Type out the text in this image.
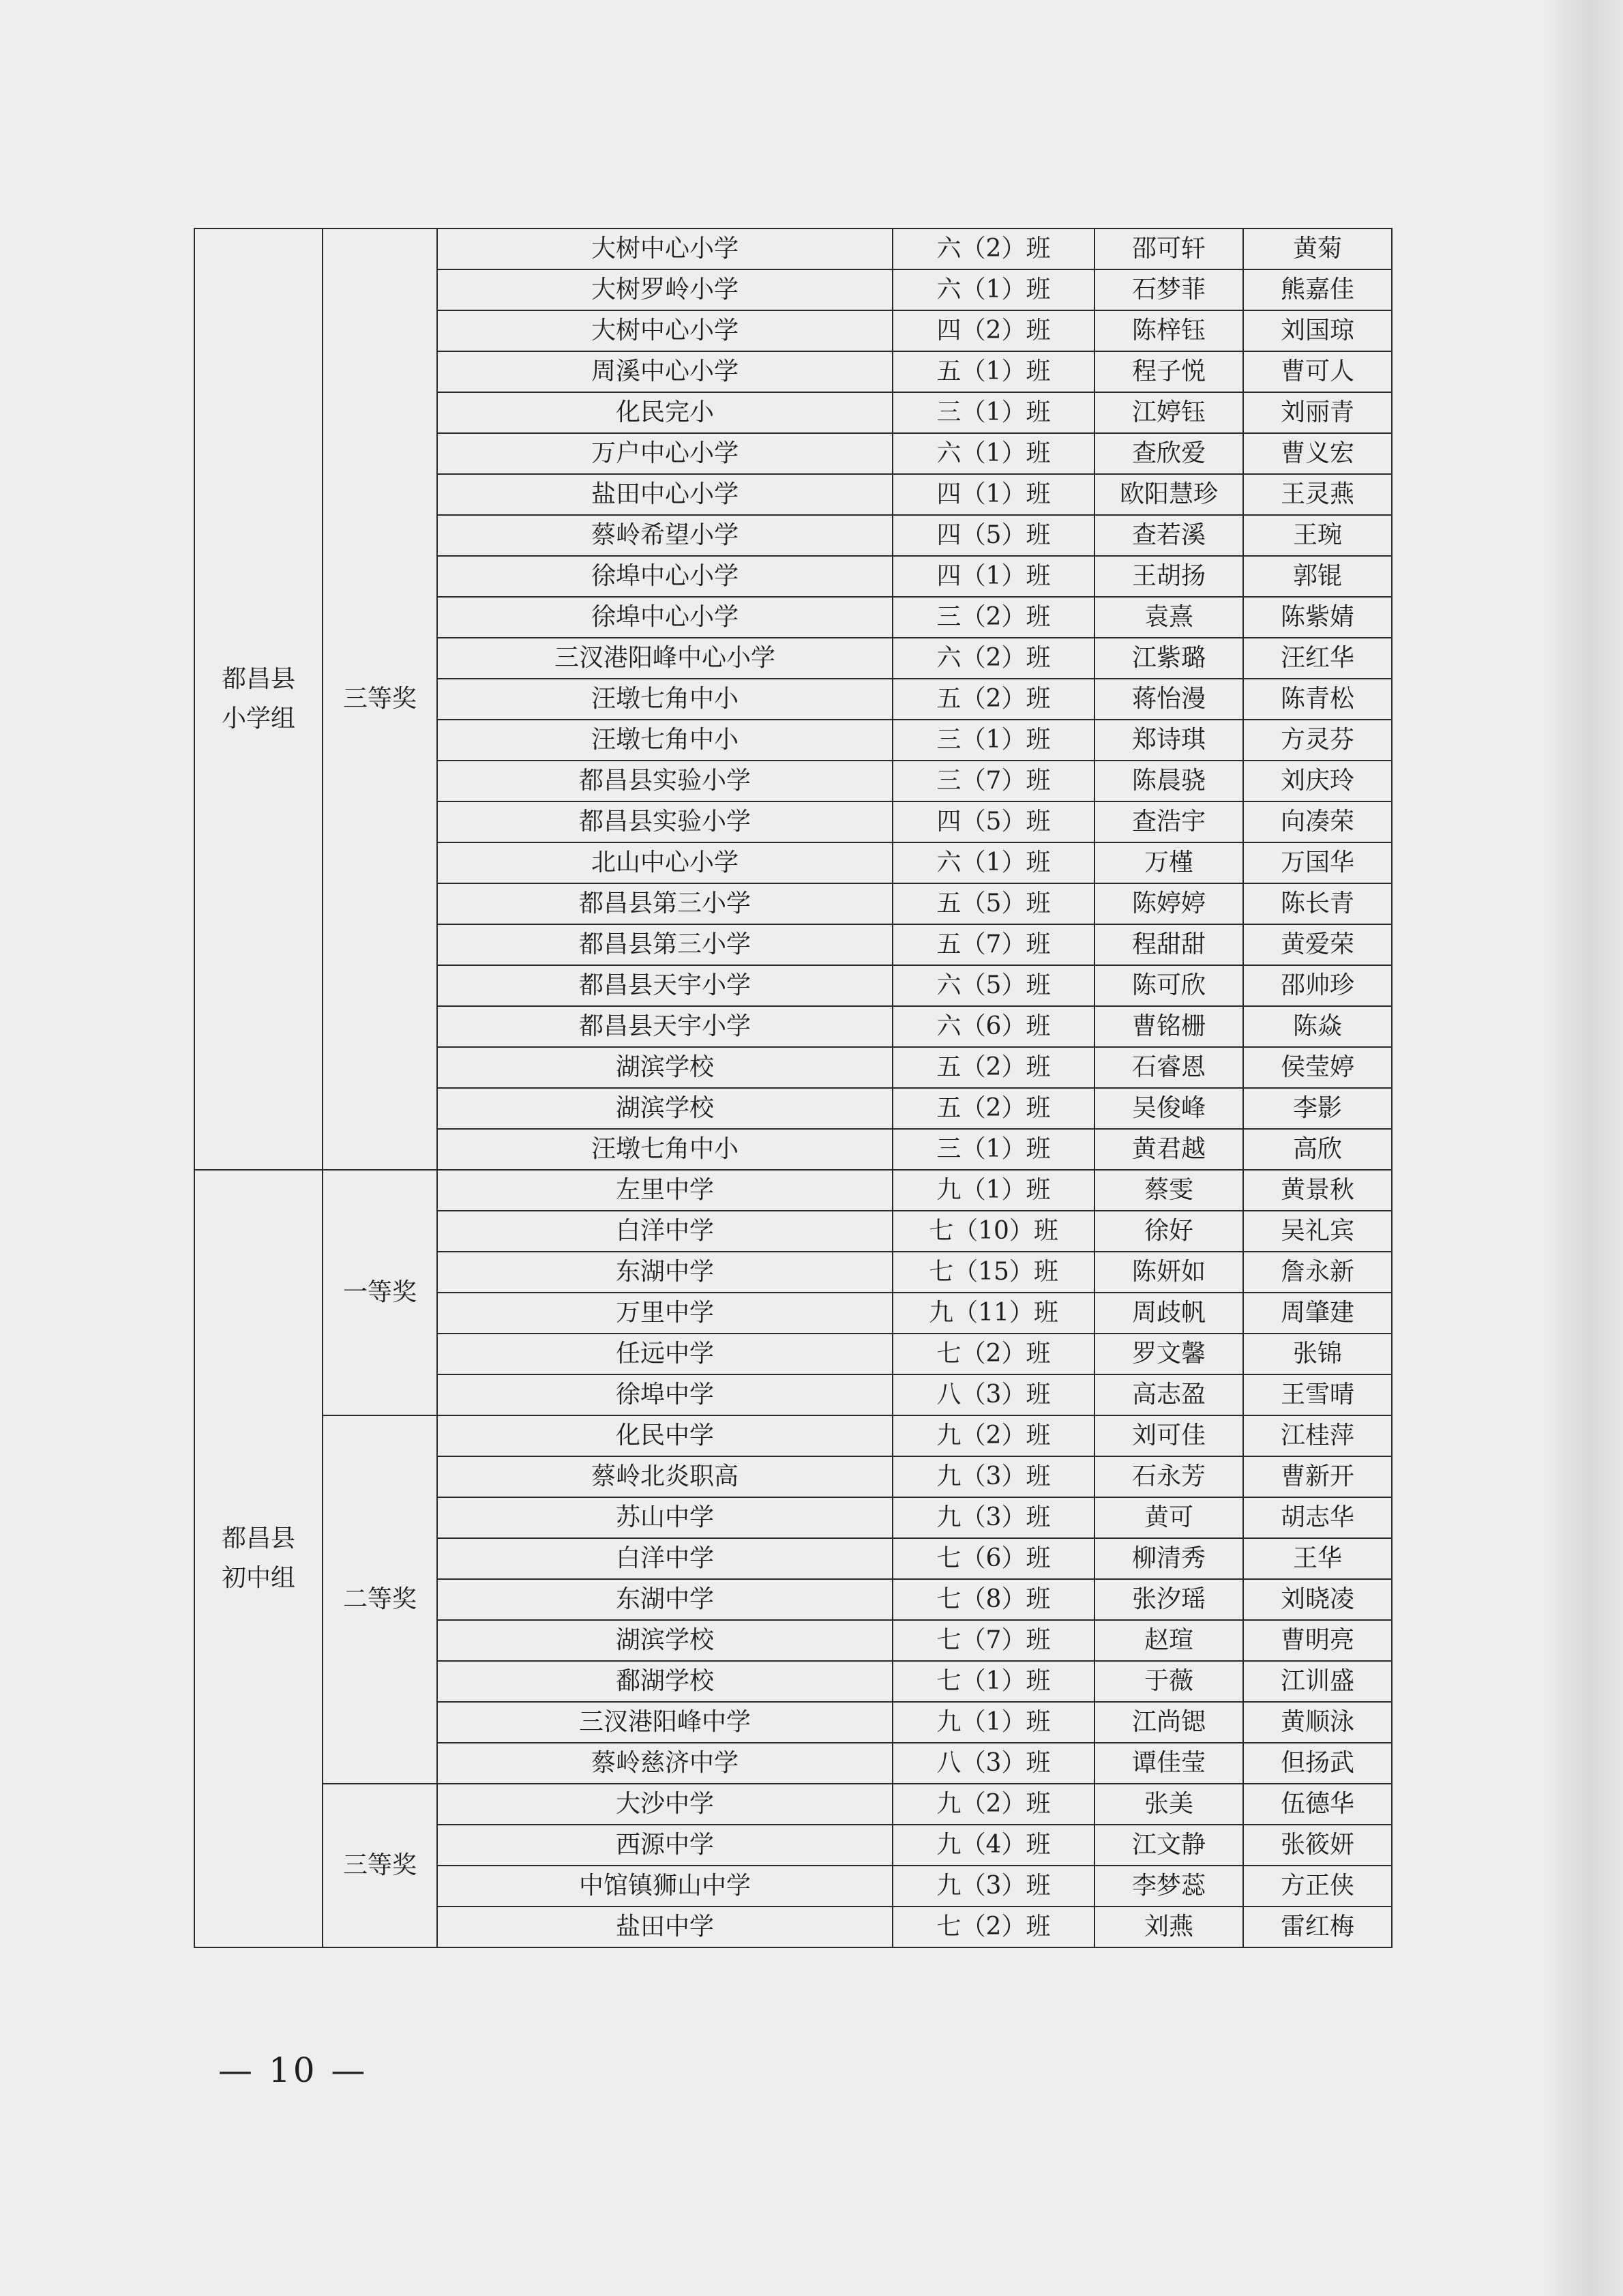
都昌县
小学组	三等奖	大树中心小学	六（2）班	邵可轩	黄菊
		大树罗岭小学	六（1）班	石梦菲	熊嘉佳
		大树中心小学	四（2）班	陈梓钰	刘国琼
		周溪中心小学	五（1）班	程子悦	曹可人
		化民完小	三（1）班	江婷钰	刘丽青
		万户中心小学	六（1）班	查欣爱	曹义宏
		盐田中心小学	四（1）班	欧阳慧珍	王灵燕
		蔡岭希望小学	四（5）班	查若溪	王琬
		徐埠中心小学	四（1）班	王胡扬	郭锟
		徐埠中心小学	三（2）班	袁熹	陈紫婧
		三汊港阳峰中心小学	六（2）班	江紫璐	汪红华
		汪墩七角中小	五（2）班	蒋怡漫	陈青松
		汪墩七角中小	三（1）班	郑诗琪	方灵芬
		都昌县实验小学	三（7）班	陈晨骁	刘庆玲
		都昌县实验小学	四（5）班	查浩宇	向凑荣
		北山中心小学	六（1）班	万槿	万国华
		都昌县第三小学	五（5）班	陈婷婷	陈长青
		都昌县第三小学	五（7）班	程甜甜	黄爱荣
		都昌县天宇小学	六（5）班	陈可欣	邵帅珍
		都昌县天宇小学	六（6）班	曹铭栅	陈焱
		湖滨学校	五（2）班	石睿恩	侯莹婷
		湖滨学校	五（2）班	吴俊峰	李影
		汪墩七角中小	三（1）班	黄君越	高欣

都昌县
初中组	一等奖	左里中学	九（1）班	蔡雯	黄景秋
		白洋中学	七（10）班	徐好	吴礼宾
		东湖中学	七（15）班	陈妍如	詹永新
		万里中学	九（11）班	周歧帆	周肇建
		任远中学	七（2）班	罗文馨	张锦
		徐埠中学	八（3）班	高志盈	王雪晴
	二等奖	化民中学	九（2）班	刘可佳	江桂萍
		蔡岭北炎职高	九（3）班	石永芳	曹新开
		苏山中学	九（3）班	黄可	胡志华
		白洋中学	七（6）班	柳清秀	王华
		东湖中学	七（8）班	张汐瑶	刘晓凌
		湖滨学校	七（7）班	赵瑄	曹明亮
		鄱湖学校	七（1）班	于薇	江训盛
		三汊港阳峰中学	九（1）班	江尚锶	黄顺泳
		蔡岭慈济中学	八（3）班	谭佳莹	但扬武
	三等奖	大沙中学	九（2）班	张美	伍德华
		西源中学	九（4）班	江文静	张筱妍
		中馆镇狮山中学	九（3）班	李梦蕊	方正侠
		盐田中学	七（2）班	刘燕	雷红梅
— 10 —
